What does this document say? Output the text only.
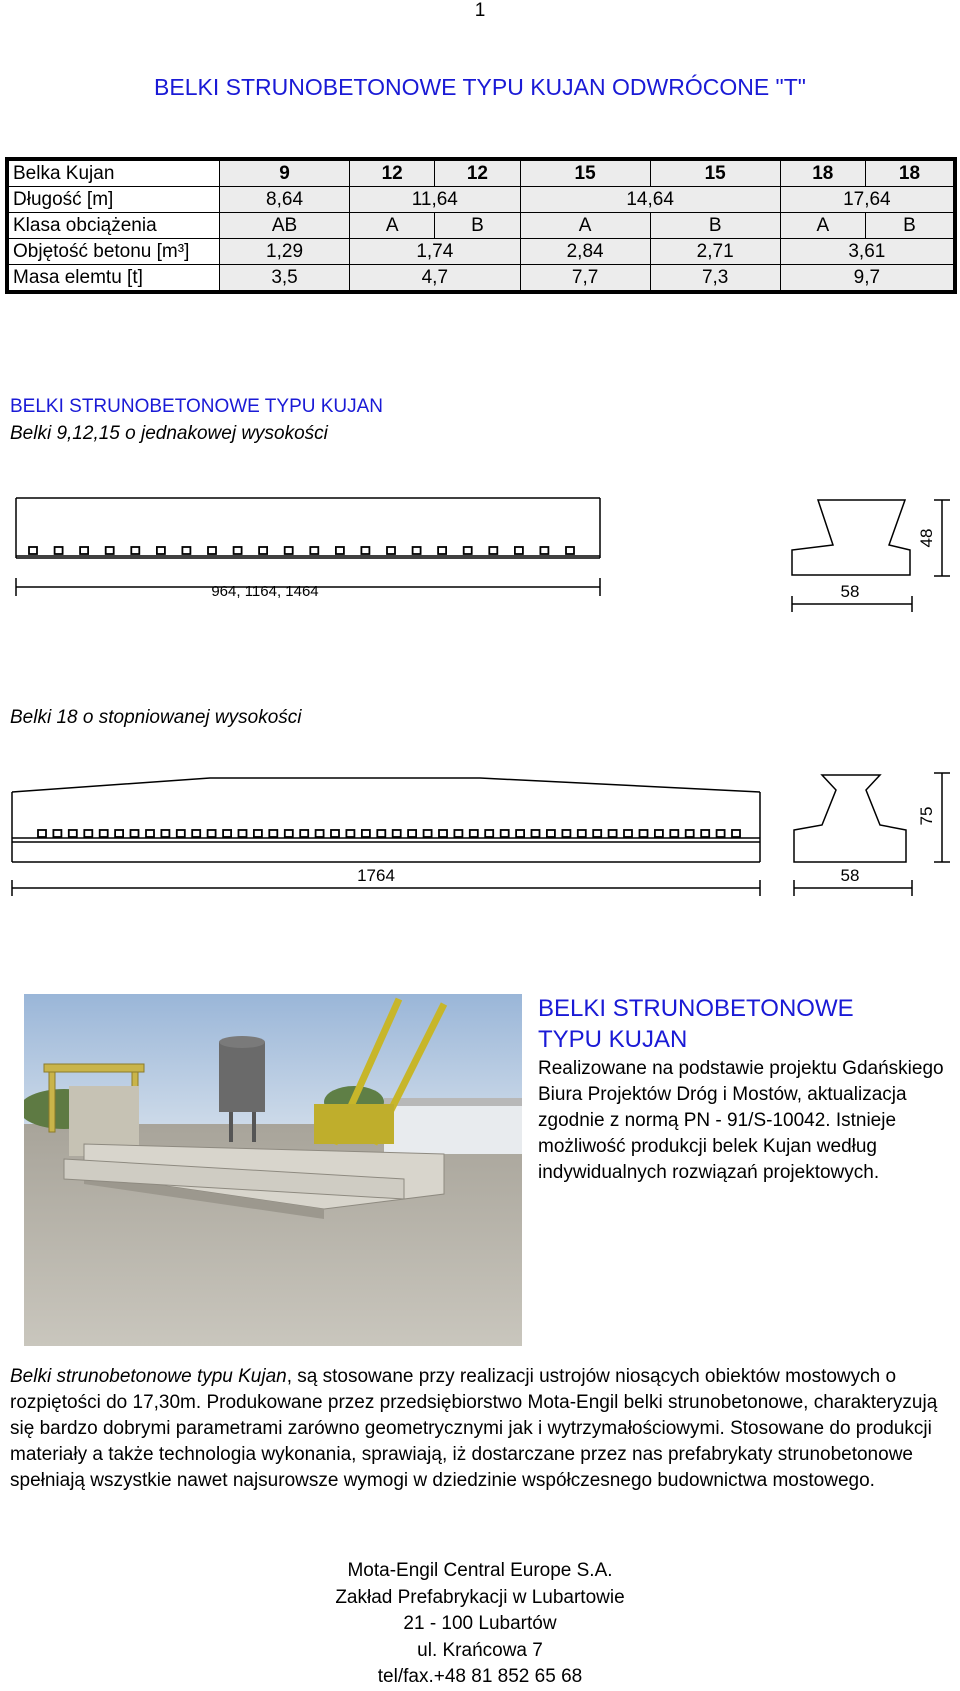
1
BELKI STRUNOBETONOWE TYPU KUJAN ODWRÓCONE "T"
Belka Kujan	9	12	12	15	15	18	18
Długość [m]	8,64	11,64		14,64		17,64	
Klasa obciążenia	AB	A	B	A	B	A	B
Objętość betonu [m³]	1,29	1,74		2,84	2,71	3,61	
Masa elemtu [t]	3,5	4,7		7,7	7,3	9,7	
BELKI STRUNOBETONOWE TYPU KUJAN
Belki 9,12,15 o jednakowej wysokości
964, 1164, 1464	58
48
Belki 18 o stopniowanej wysokości
1764	58
75
BELKI STRUNOBETONOWE
TYPU KUJAN
Realizowane na podstawie projektu Gdańskiego Biura Projektów Dróg i Mostów, aktualizacja zgodnie z normą PN - 91/S-10042. Istnieje możliwość produkcji belek Kujan według indywidualnych rozwiązań projektowych.
Belki strunobetonowe typu Kujan, są stosowane przy realizacji ustrojów niosących obiektów mostowych o rozpiętości do 17,30m. Produkowane przez przedsiębiorstwo Mota-Engil belki strunobetonowe, charakteryzują się bardzo dobrymi parametrami zarówno geometrycznymi jak i wytrzymałościowymi. Stosowane do produkcji materiały a także technologia wykonania, sprawiają, iż dostarczane przez nas prefabrykaty strunobetonowe spełniają wszystkie nawet najsurowsze wymogi w dziedzinie współczesnego budownictwa mostowego.
Mota-Engil Central Europe S.A.
Zakład Prefabrykacji w Lubartowie
21 - 100 Lubartów
ul. Krańcowa 7
tel/fax.+48 81 852 65 68
